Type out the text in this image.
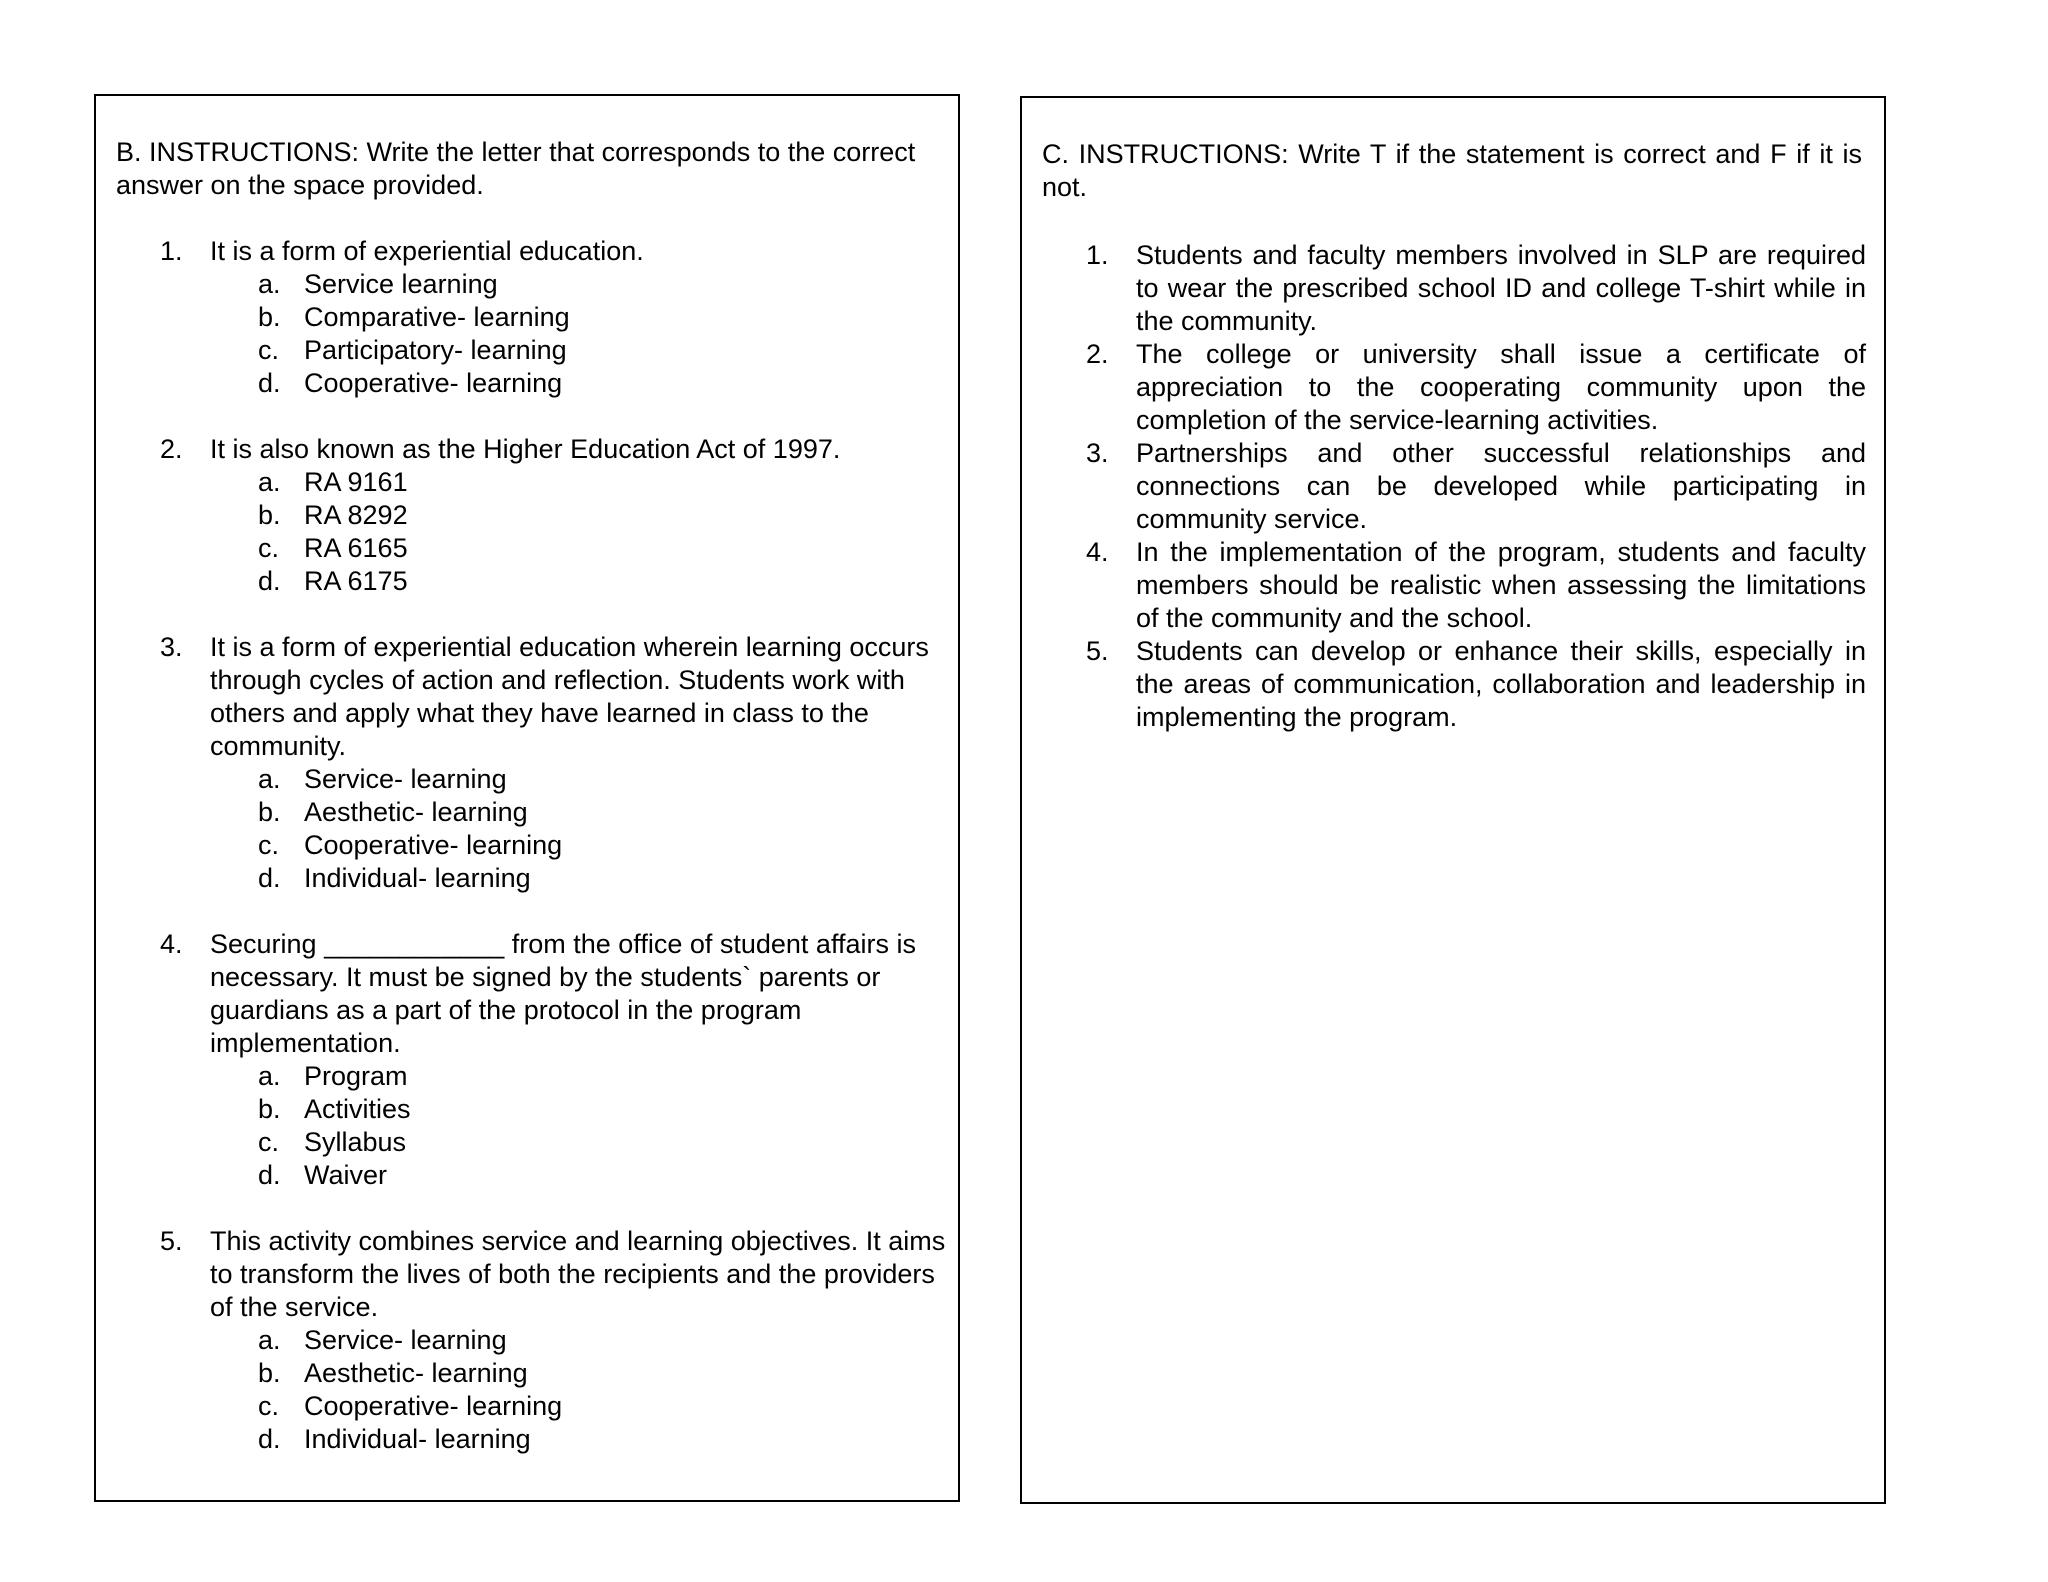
B. INSTRUCTIONS: Write the letter that corresponds to the correct answer on the space provided.

1.	It is a form of experiential education.
a. Service learning
b. Comparative- learning
c. Participatory- learning
d. Cooperative- learning
2.	It is also known as the Higher Education Act of 1997.
a. RA 9161
b. RA 8292
c. RA 6165
d. RA 6175
3.	It is a form of experiential education wherein learning occurs through cycles of action and reflection. Students work with others and apply what they have learned in class to the community.
a. Service- learning
b. Aesthetic- learning
c. Cooperative- learning
d. Individual- learning
4.	Securing ____________ from the office of student affairs is necessary. It must be signed by the students` parents or guardians as a part of the protocol in the program implementation.
a. Program
b. Activities
c. Syllabus
d. Waiver
5.	This activity combines service and learning objectives. It aims to transform the lives of both the recipients and the providers of the service.
a. Service- learning
b. Aesthetic- learning
c. Cooperative- learning
d. Individual- learning

C. INSTRUCTIONS: Write T if the statement is correct and F if it is not.

1.	Students and faculty members involved in SLP are required to wear the prescribed school ID and college T-shirt while in the community.
2.	The college or university shall issue a certificate of appreciation to the cooperating community upon the completion of the service-learning activities.
3.	Partnerships and other successful relationships and connections can be developed while participating in community service.
4.	In the implementation of the program, students and faculty members should be realistic when assessing the limitations of the community and the school.
5.	Students can develop or enhance their skills, especially in the areas of communication, collaboration and leadership in implementing the program.
